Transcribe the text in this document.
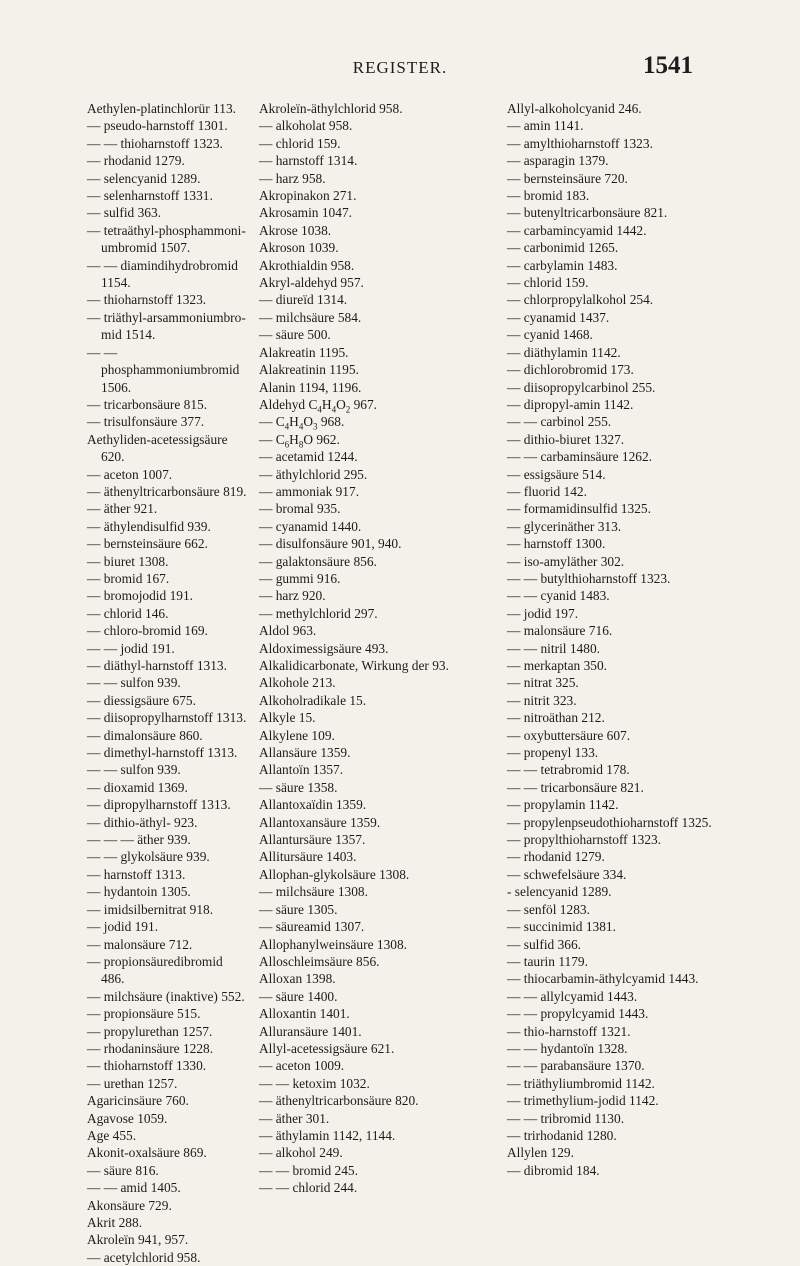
REGISTER.	1541
Aethylen-platinchlorür 113.
— pseudo-harnstoff 1301.
— — thioharnstoff 1323.
— rhodanid 1279.
— selencyanid 1289.
— selenharnstoff 1331.
— sulfid 363.
— tetraäthyl-phosphammoni-umbromid 1507.
— — diamindihydrobromid 1154.
— thioharnstoff 1323.
— triäthyl-arsammoniumbro-mid 1514.
— — phosphammoniumbromid 1506.
— tricarbonsäure 815.
— trisulfonsäure 377.
Aethyliden-acetessigsäure 620.
— aceton 1007.
— äthenyltricarbonsäure 819.
— äther 921.
— äthylendisulfid 939.
— bernsteinsäure 662.
— biuret 1308.
— bromid 167.
— bromojodid 191.
— chlorid 146.
— chloro-bromid 169.
— — jodid 191.
— diäthyl-harnstoff 1313.
— — sulfon 939.
— diessigsäure 675.
— diisopropylharnstoff 1313.
— dimalonsäure 860.
— dimethyl-harnstoff 1313.
— — sulfon 939.
— dioxamid 1369.
— dipropylharnstoff 1313.
— dithio-äthyl- 923.
— — — äther 939.
— — glykolsäure 939.
— harnstoff 1313.
— hydantoin 1305.
— imidsilbernitrat 918.
— jodid 191.
— malonsäure 712.
— propionsäuredibromid 486.
— milchsäure (inaktive) 552.
— propionsäure 515.
— propylurethan 1257.
— rhodaninsäure 1228.
— thioharnstoff 1330.
— urethan 1257.
Agaricinsäure 760.
Agavose 1059.
Age 455.
Akonit-oxalsäure 869.
— säure 816.
— — amid 1405.
Akonsäure 729.
Akrit 288.
Akroleïn 941, 957.
— acetylchlorid 958.
Akroleïn-äthylchlorid 958.
— alkoholat 958.
— chlorid 159.
— harnstoff 1314.
— harz 958.
Akropinakon 271.
Akrosamin 1047.
Akrose 1038.
Akroson 1039.
Akrothialdin 958.
Akryl-aldehyd 957.
— diureïd 1314.
— milchsäure 584.
— säure 500.
Alakreatin 1195.
Alakreatinin 1195.
Alanin 1194, 1196.
Aldehyd $C_4H_4O_2$ 967.
— $C_4H_4O_3$ 968.
— $C_6H_8O$ 962.
— acetamid 1244.
— äthylchlorid 295.
— ammoniak 917.
— bromal 935.
— cyanamid 1440.
— disulfonsäure 901, 940.
— galaktonsäure 856.
— gummi 916.
— harz 920.
— methylchlorid 297.
Aldol 963.
Aldoximessigsäure 493.
Alkalidicarbonate, Wirkung der 93.
Alkohole 213.
Alkoholradikale 15.
Alkyle 15.
Alkylene 109.
Allansäure 1359.
Allantoïn 1357.
— säure 1358.
Allantoxaïdin 1359.
Allantoxansäure 1359.
Allantursäure 1357.
Allitursäure 1403.
Allophan-glykolsäure 1308.
— milchsäure 1308.
— säure 1305.
— säureamid 1307.
Allophanylweinsäure 1308.
Alloschleimsäure 856.
Alloxan 1398.
— säure 1400.
Alloxantin 1401.
Alluransäure 1401.
Allyl-acetessigsäure 621.
— aceton 1009.
— — ketoxim 1032.
— äthenyltricarbonsäure 820.
— äther 301.
— äthylamin 1142, 1144.
— alkohol 249.
— — bromid 245.
— — chlorid 244.
Allyl-alkoholcyanid 246.
— amin 1141.
— amylthioharnstoff 1323.
— asparagin 1379.
— bernsteinsäure 720.
— bromid 183.
— butenyltricarbonsäure 821.
— carbamincyamid 1442.
— carbonimid 1265.
— carbylamin 1483.
— chlorid 159.
— chlorpropylalkohol 254.
— cyanamid 1437.
— cyanid 1468.
— diäthylamin 1142.
— dichlorobromid 173.
— diisopropylcarbinol 255.
— dipropyl-amin 1142.
— — carbinol 255.
— dithio-biuret 1327.
— — carbaminsäure 1262.
— essigsäure 514.
— fluorid 142.
— formamidinsulfid 1325.
— glycerinäther 313.
— harnstoff 1300.
— iso-amyläther 302.
— — butylthioharnstoff 1323.
— — cyanid 1483.
— jodid 197.
— malonsäure 716.
— — nitril 1480.
— merkaptan 350.
— nitrat 325.
— nitrit 323.
— nitroäthan 212.
— oxybuttersäure 607.
— propenyl 133.
— — tetrabromid 178.
— — tricarbonsäure 821.
— propylamin 1142.
— propylenpseudothioharnstoff 1325.
— propylthioharnstoff 1323.
— rhodanid 1279.
— schwefelsäure 334.
- selencyanid 1289.
— senföl 1283.
— succinimid 1381.
— sulfid 366.
— taurin 1179.
— thiocarbamin-äthylcyamid 1443.
— — allylcyamid 1443.
— — propylcyamid 1443.
— thio-harnstoff 1321.
— — hydantoïn 1328.
— — parabansäure 1370.
— triäthyliumbromid 1142.
— trimethylium-jodid 1142.
— — tribromid 1130.
— trirhodanid 1280.
Allylen 129.
— dibromid 184.
